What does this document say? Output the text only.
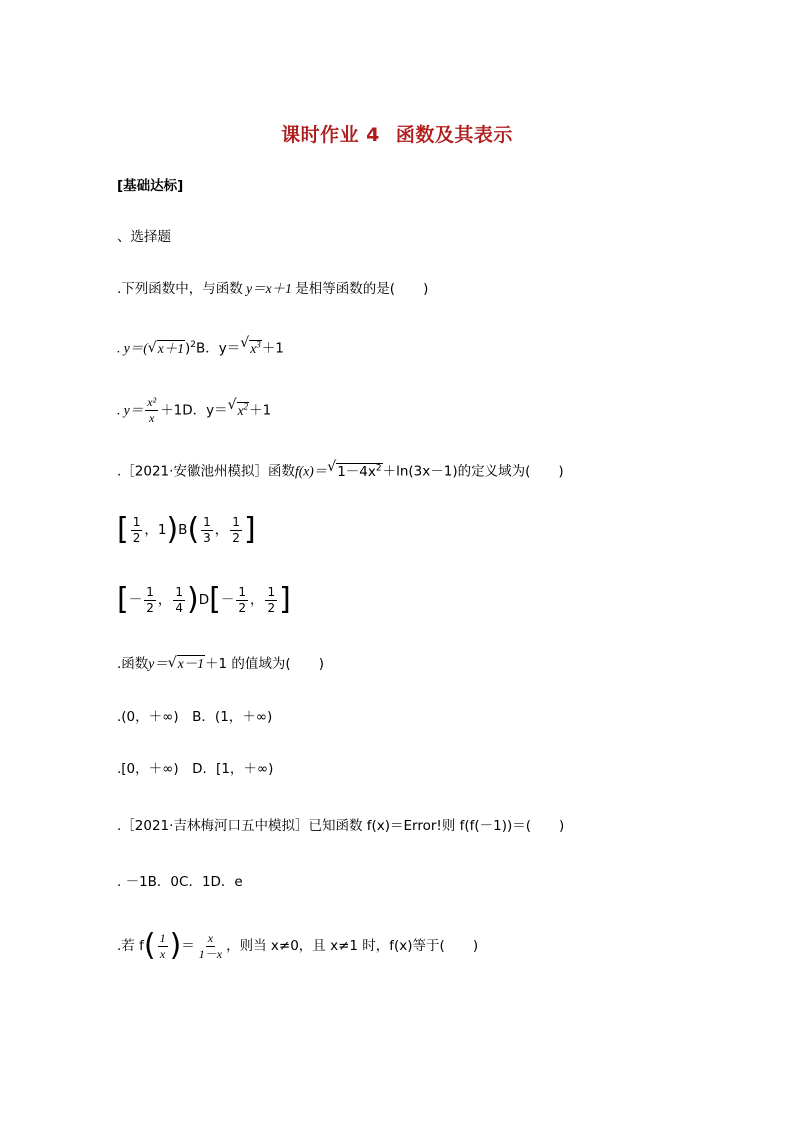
课时作业 4 函数及其表示
[基础达标]
、选择题
.下列函数中，与函数 y＝x＋1 是相等函数的是( )
. y＝( √ x＋1)$^2$B．y＝ √ $x^3+1$
. $y= \frac{\text{x²}}{x} +1D$．y＝ √ $x^2+1$
.［2021·安徽池州模拟］函数f(x)＝ √ $1-4x^2+\ln(3x-1)$的定义域为( )
[ $\frac{1}{2}$ ，$1)B( \frac{1}{3}$ ， $\frac{1}{2}$ ]
[－ $\frac{1}{2}$ ， $\frac{1}{4} )D[- \frac{1}{2}$ ， $\frac{1}{2}$ ]
.函数y＝ √ x－1＋1 的值域为( )
.(0，＋∞)　B．(1，＋∞)
.[0，＋∞)　D．[1，＋∞)
.［2021·吉林梅河口五中模拟］已知函数 f(x)＝Error!则 f(f(－1))＝( )
. －1B．0C．1D．e
.若 $f( \frac{1}{x}$ )＝ $\frac{x}{1-x}$ ，则当 x≠0，且 x≠1 时，f(x)等于( )
